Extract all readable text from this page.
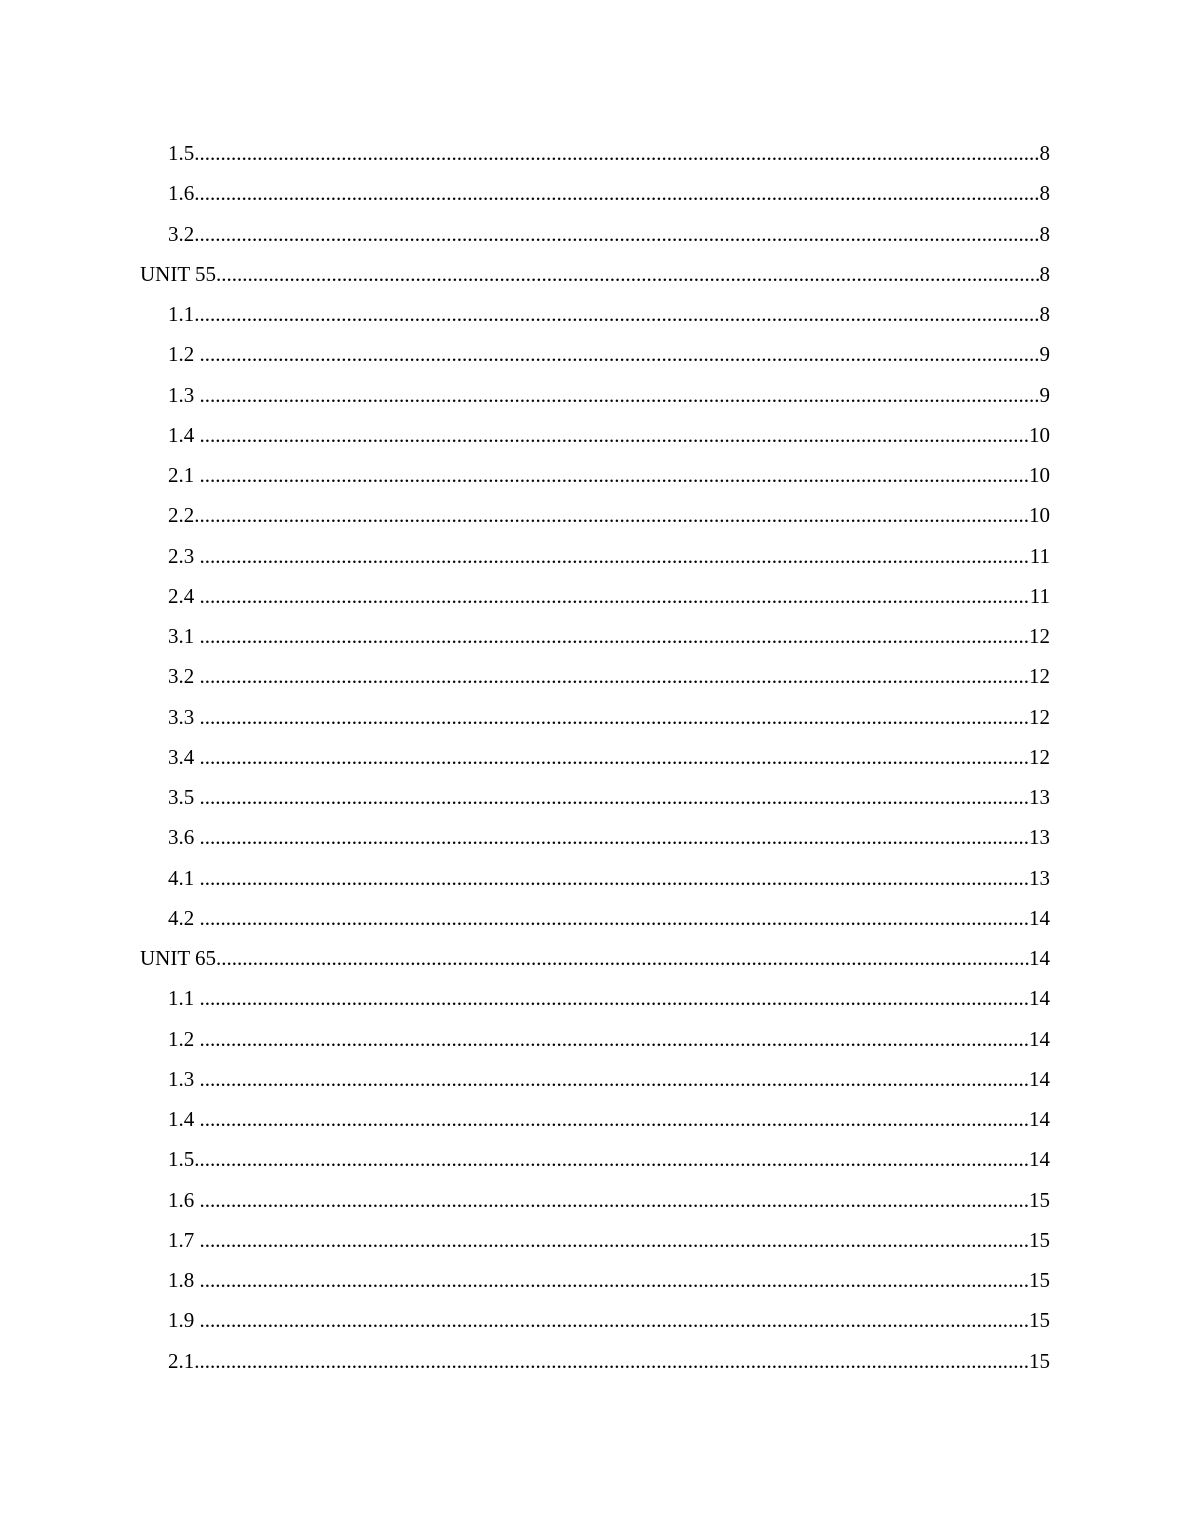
1.5 .....	8
1.6 .....	8
3.2 .....	8
UNIT 55 .....	8
1.1 .....	8
1.2 .....	9
1.3 .....	9
1.4 .....	10
2.1 .....	10
2.2 .....	10
2.3 .....	11
2.4 .....	11
3.1 .....	12
3.2 .....	12
3.3 .....	12
3.4 .....	12
3.5 .....	13
3.6 .....	13
4.1 .....	13
4.2 .....	14
UNIT 65 .....	14
1.1 .....	14
1.2 .....	14
1.3 .....	14
1.4 .....	14
1.5 .....	14
1.6 .....	15
1.7 .....	15
1.8 .....	15
1.9 .....	15
2.1 .....	15
